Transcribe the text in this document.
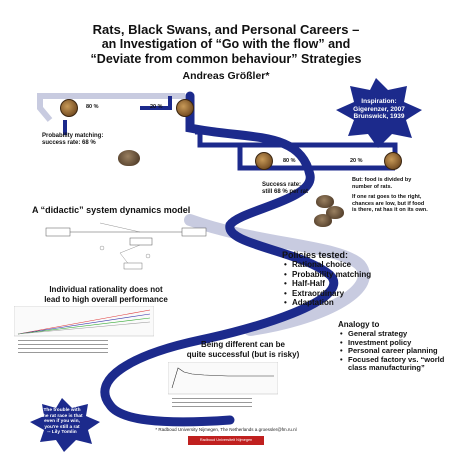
Rats, Black Swans, and Personal Careers –
an Investigation of “Go with the flow” and
“Deviate from common behaviour” Strategies
Andreas Größler*
Inspiration:
Gigerenzer, 2007
Brunswick, 1939
80 %	20 %
Probability matching:
success rate: 68 %
80 %	20 %
Success rate:
still 68 % per rat
But: food is divided by
number of rats.
If one rat goes to the right,
chances are low, but if food
is there, rat has it on its own.
A “didactic” system dynamics model
Policies tested:
• Rational choice
• Probability matching
• Half-Half
• Extraordinary
• Adaptation
Individual rationality does not
lead to high overall performance
Analogy to
• General strategy
• Investment policy
• Personal career planning
• Focused factory vs. “world class manufacturing”
Being different can be
quite successful (but is risky)
The trouble with
the rat race is that
even if you win,
you're still a rat
-- Lily Tomlin
* Radboud University Nijmegen, The Netherlands a.groessler@fm.ru.nl
Radboud Universiteit Nijmegen
